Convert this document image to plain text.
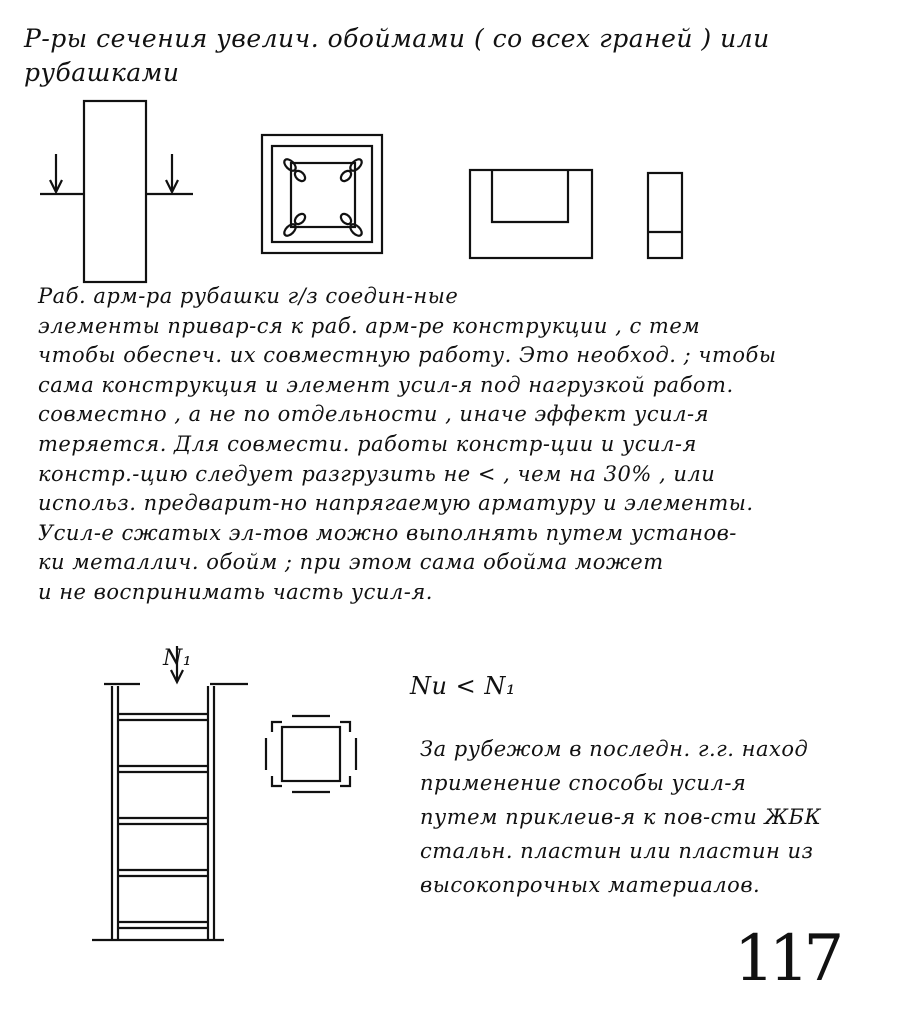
Р-ры сечения увелич. обоймами ( со всех граней ) или
рубашками
Раб. арм-ра рубашки г/з соедин-ные
элементы привар-ся к раб. арм-ре конструкции , с тем
чтобы обеспеч. их совместную работу. Это необход. ; чтобы
сама конструкция и элемент усил-я под нагрузкой работ.
совместно , а не по отдельности , иначе эффект усил-я
теряется. Для совмести. работы констр-ции и усил-я
констр.-цию следует разгрузить не < , чем на 30% , или
использ. предварит-но напрягаемую арматуру и элементы.
Усил-е сжатых эл-тов можно выполнять путем установ-
ки металлич. обойм ; при этом сама обойма может
и не воспринимать часть усил-я.
N₁
Nи < N₁
За рубежом в последн. г.г. наход
применение способы усил-я
путем приклеив-я к пов-сти ЖБК
стальн. пластин или пластин из
высокопрочных материалов.
117
